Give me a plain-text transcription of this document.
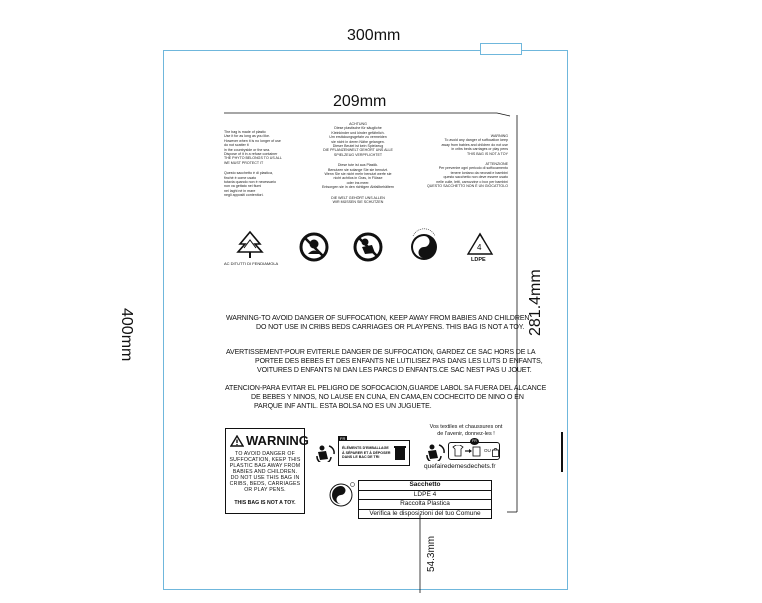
300mm
209mm
400mm	281.4mm
54.3mm
The bag is made of plastic
Use it for as long as you like.
However when it is no longer of use
do not scatter it
in the countryside or the sea.
Dispose of it in a refuse container
THE PHYTO BELONGS TO US ALL
WE MUST PROTECT IT
Questo sacchetto è di plastica,
finché è come usato
tutavia quando non è necessario
non va gettato nei fiumi
nei laghi né in mare
negli appositi contenitori.
ACHTUNG
Diese plastische für säugliche
Kleinkinder und kinder gefährlich.
Um erstickungsgefahr zu vermeiden
sie nicht in deren Nähe gelangen.
Dieser Beutel ist kein Spielzeug
DIE PFLANZENWELT GEHÖRT UNS ALLE
SPIELZEUG VERPFLICHTET
Diese tute ist aus Plastik.
Benutzen sie solange Sie sie benutzt.
Wenn Sie sie nicht mehr benutzt werfe sie
nicht achtlos in Gras, in Flüsse
oder ins meer.
Entsorgen sie in den richtigen Abfallbehältern
DIE WELT GEHÖRT UNS ALLEN
WIR MÜSSEN SIE SCHÜTZEN
WARNING
To avoid any danger of suffocation keep
away from babies and children do not use
in cribs beds carriages or play pens
THIS BAG IS NOT A TOY
ATTENZIONE
Per prevenire ogni pericolo di soffocamento
tenere lontano da neonati e bambini
questo sacchetto non deve essere usato
nelle culle, letti, carrozzine o box per bambini
QUESTO SACCHETTO NON È UN GIOCATTOLO
AC DITUTTI DI FENDIAMOLA
4
LDPE
WARNING-TO AVOID DANGER OF SUFFOCATION, KEEP AWAY FROM BABIES AND CHILDREN
DO NOT USE IN CRIBS BEDS CARRIAGES OR PLAYPENS. THIS BAG IS NOT A TOY.
AVERTISSEMENT-POUR EVITERLE DANGER DE SUFFOCATION, GARDEZ CE SAC HORS DE LA
PORTEE DES BEBES ET DES ENFANTS NE LUTILISEZ PAS DANS LES LUTS D ENFANTS,
VOITURES D ENFANTS NI DAN LES PARCS D ENFANTS.CE SAC NEST PAS U JOUET.
ATENCION-PARA EVITAR EL PELIGRO DE SOFOCACION,GUARDE LABOL SA FUERA DEL ALCANCE
DE BEBES Y NINOS, NO LAUSE EN CUNA, EN CAMA,EN COCHECITO DE NINO O EN
PARQUE INF ANTIL. ESTA BOLSA NO ES UN JUGUETE.
WARNING
TO AVOID DANGER OF
SUFFOCATION, KEEP THIS
PLASTIC BAG AWAY FROM
BABIES AND CHILDREN.
DO NOT USE THIS BAG IN
CRIBS, BEDS, CARRIAGES
OR PLAY PENS.
THIS BAG IS NOT A TOY.
FR
ÉLÉMENTS D'EMBALLAGE
À SÉPARER ET À DÉPOSER
DANS LE BAC DE TRI
Vos textiles et chaussures ont
de l'avenir, donnez-les !
OU
FR
quefairedemesdechets.fr
Sacchetto
LDPE 4
Raccolta Plastica
Verifica le disposizioni del tuo Comune
